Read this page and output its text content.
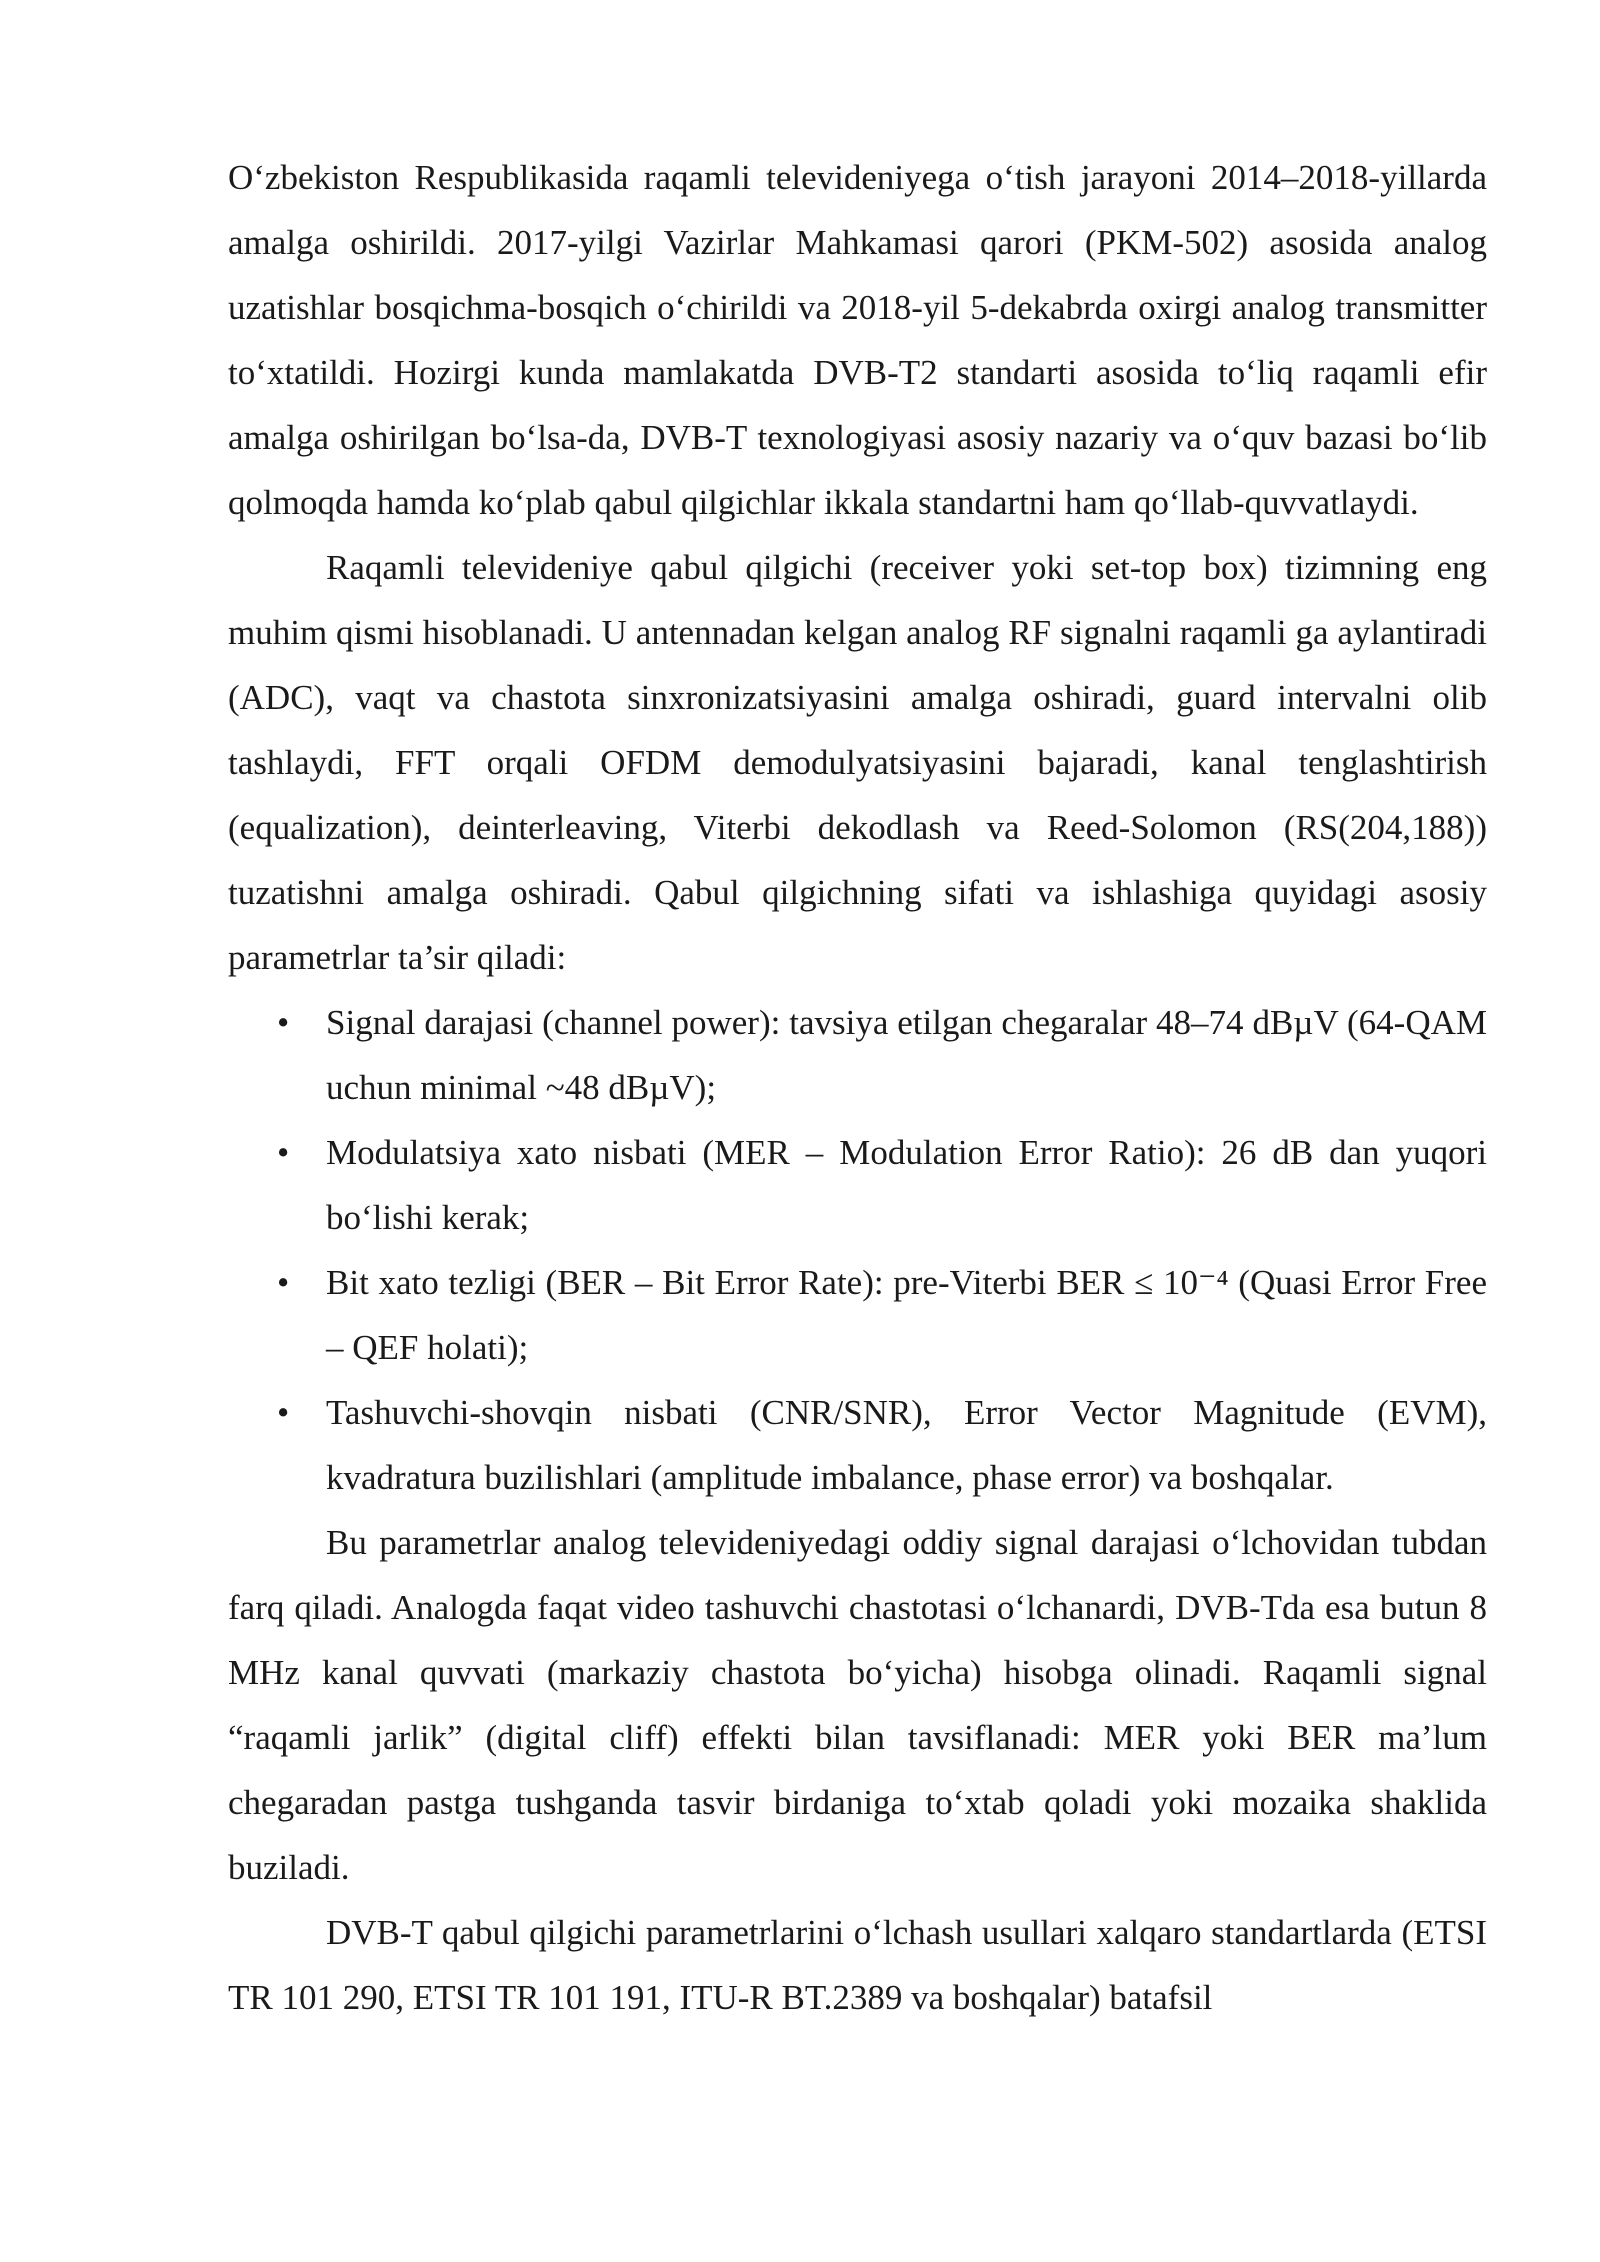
O‘zbekiston Respublikasida raqamli televideniyega o‘tish jarayoni 2014–2018-yillarda amalga oshirildi. 2017-yilgi Vazirlar Mahkamasi qarori (PKM-502) asosida analog uzatishlar bosqichma-bosqich o‘chirildi va 2018-yil 5-dekabrda oxirgi analog transmitter to‘xtatildi. Hozirgi kunda mamlakatda DVB-T2 standarti asosida to‘liq raqamli efir amalga oshirilgan bo‘lsa-da, DVB-T texnologiyasi asosiy nazariy va o‘quv bazasi bo‘lib qolmoqda hamda ko‘plab qabul qilgichlar ikkala standartni ham qo‘llab-quvvatlaydi.

Raqamli televideniye qabul qilgichi (receiver yoki set-top box) tizimning eng muhim qismi hisoblanadi. U antennadan kelgan analog RF signalni raqamli ga aylantiradi (ADC), vaqt va chastota sinxronizatsiyasini amalga oshiradi, guard intervalni olib tashlaydi, FFT orqali OFDM demodulyatsiyasini bajaradi, kanal tenglashtirish (equalization), deinterleaving, Viterbi dekodlash va Reed-Solomon (RS(204,188)) tuzatishni amalga oshiradi. Qabul qilgichning sifati va ishlashiga quyidagi asosiy parametrlar ta’sir qiladi:

• Signal darajasi (channel power): tavsiya etilgan chegaralar 48–74 dBµV (64-QAM uchun minimal ~48 dBµV);
• Modulatsiya xato nisbati (MER – Modulation Error Ratio): 26 dB dan yuqori bo‘lishi kerak;
• Bit xato tezligi (BER – Bit Error Rate): pre-Viterbi BER ≤ 10⁻⁴ (Quasi Error Free – QEF holati);
• Tashuvchi-shovqin nisbati (CNR/SNR), Error Vector Magnitude (EVM), kvadratura buzilishlari (amplitude imbalance, phase error) va boshqalar.

Bu parametrlar analog televideniyedagi oddiy signal darajasi o‘lchovidan tubdan farq qiladi. Analogda faqat video tashuvchi chastotasi o‘lchanardi, DVB-Tda esa butun 8 MHz kanal quvvati (markaziy chastota bo‘yicha) hisobga olinadi. Raqamli signal “raqamli jarlik” (digital cliff) effekti bilan tavsiflanadi: MER yoki BER ma’lum chegaradan pastga tushganda tasvir birdaniga to‘xtab qoladi yoki mozaika shaklida buziladi.

DVB-T qabul qilgichi parametrlarini o‘lchash usullari xalqaro standartlarda (ETSI TR 101 290, ETSI TR 101 191, ITU-R BT.2389 va boshqalar) batafsil
